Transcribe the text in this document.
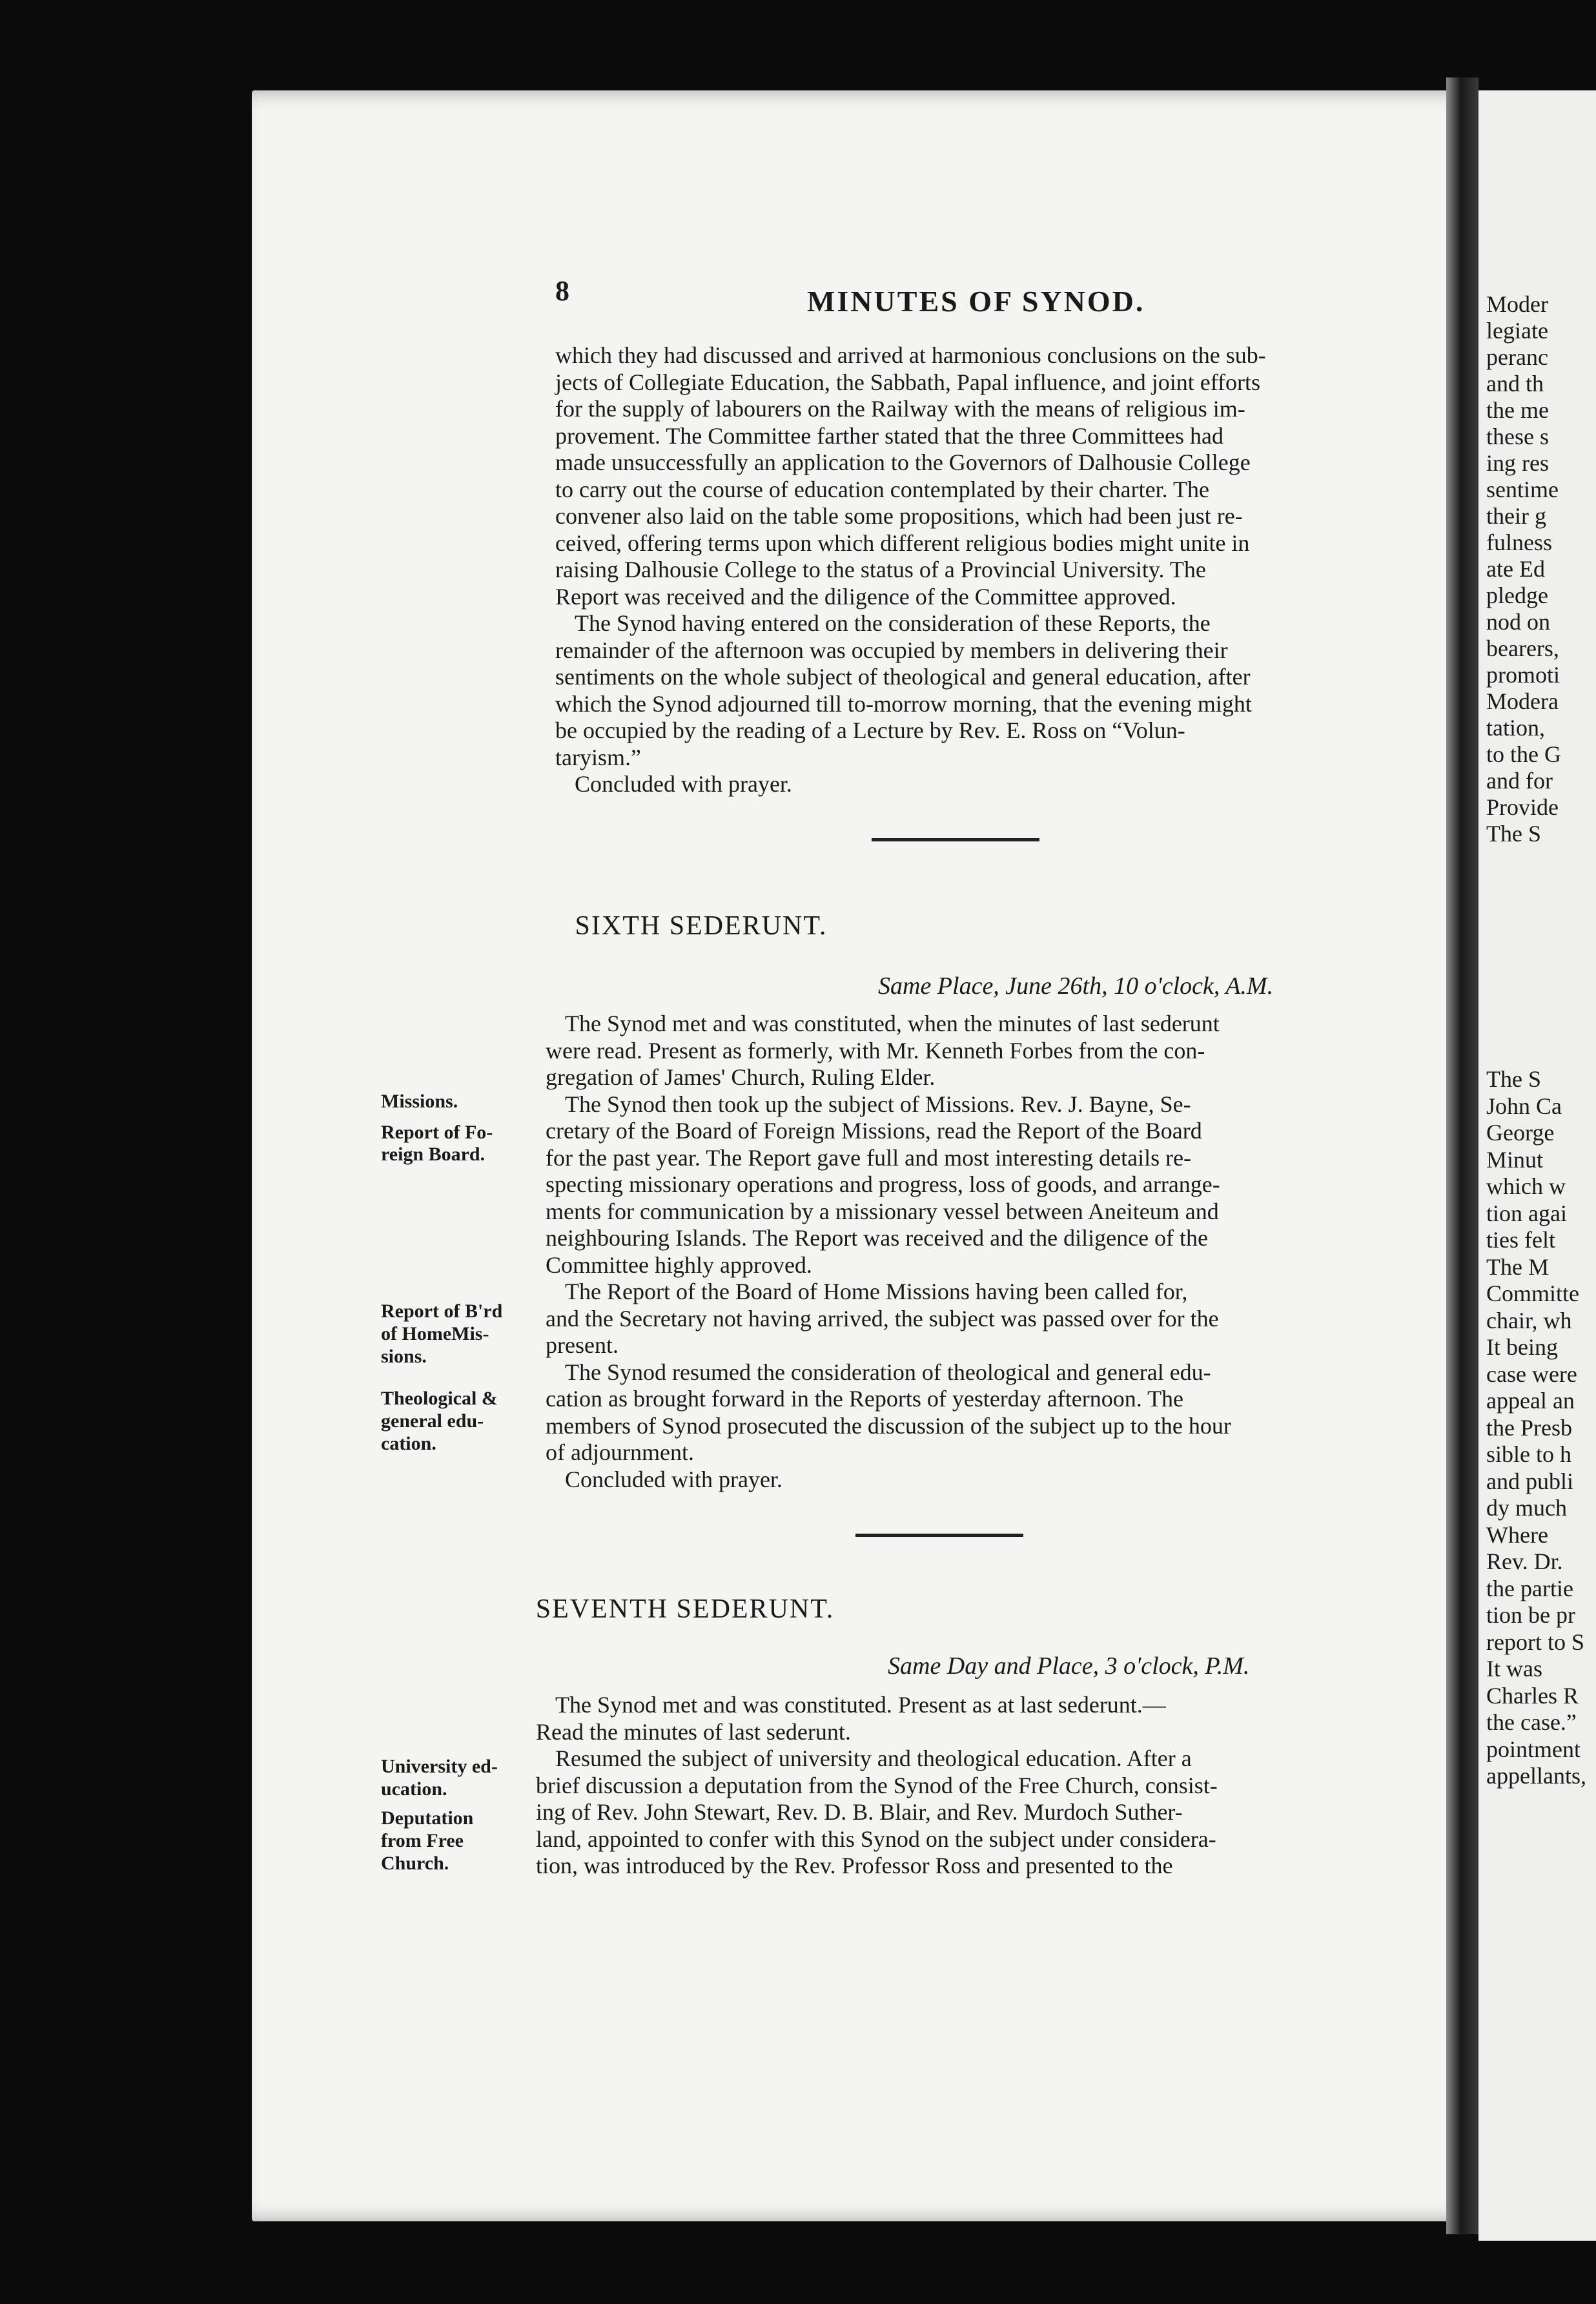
Moder
legiate
peranc
and th
the me
these s
ing res
sentime
their g
fulness
ate Ed
pledge
nod on
bearers,
promoti
Modera
tation,
to the G
and for
Provide
The S
The S
John Ca
George
Minut
which w
tion agai
ties felt
The M
Committe
chair, wh
It being
case were
appeal an
the Presb
sible to h
and publi
dy much
Where
Rev. Dr.
the partie
tion be pr
report to S
It was
Charles R
the case.”
pointment
appellants,
8	MINUTES OF SYNOD.
which they had discussed and arrived at harmonious conclusions on the sub-
jects of Collegiate Education, the Sabbath, Papal influence, and joint efforts
for the supply of labourers on the Railway with the means of religious im-
provement. The Committee farther stated that the three Committees had
made unsuccessfully an application to the Governors of Dalhousie College
to carry out the course of education contemplated by their charter. The
convener also laid on the table some propositions, which had been just re-
ceived, offering terms upon which different religious bodies might unite in
raising Dalhousie College to the status of a Provincial University. The
Report was received and the diligence of the Committee approved.
The Synod having entered on the consideration of these Reports, the
remainder of the afternoon was occupied by members in delivering their
sentiments on the whole subject of theological and general education, after
which the Synod adjourned till to-morrow morning, that the evening might
be occupied by the reading of a Lecture by Rev. E. Ross on “Volun-
taryism.”
Concluded with prayer.
SIXTH SEDERUNT.
Same Place, June 26th, 10 o'clock, A.M.
The Synod met and was constituted, when the minutes of last sederunt
were read. Present as formerly, with Mr. Kenneth Forbes from the con-
gregation of James' Church, Ruling Elder.
The Synod then took up the subject of Missions. Rev. J. Bayne, Se-
cretary of the Board of Foreign Missions, read the Report of the Board
for the past year. The Report gave full and most interesting details re-
specting missionary operations and progress, loss of goods, and arrange-
ments for communication by a missionary vessel between Aneiteum and
neighbouring Islands. The Report was received and the diligence of the
Committee highly approved.
The Report of the Board of Home Missions having been called for,
and the Secretary not having arrived, the subject was passed over for the
present.
The Synod resumed the consideration of theological and general edu-
cation as brought forward in the Reports of yesterday afternoon. The
members of Synod prosecuted the discussion of the subject up to the hour
of adjournment.
Concluded with prayer.
Missions.
Report of Fo-
reign Board.
Report of B'rd
of HomeMis-
sions.
Theological &
general edu-
cation.
SEVENTH SEDERUNT.
Same Day and Place, 3 o'clock, P.M.
The Synod met and was constituted. Present as at last sederunt.—
Read the minutes of last sederunt.
Resumed the subject of university and theological education. After a
brief discussion a deputation from the Synod of the Free Church, consist-
ing of Rev. John Stewart, Rev. D. B. Blair, and Rev. Murdoch Suther-
land, appointed to confer with this Synod on the subject under considera-
tion, was introduced by the Rev. Professor Ross and presented to the
University ed-
ucation.
Deputation
from Free
Church.
